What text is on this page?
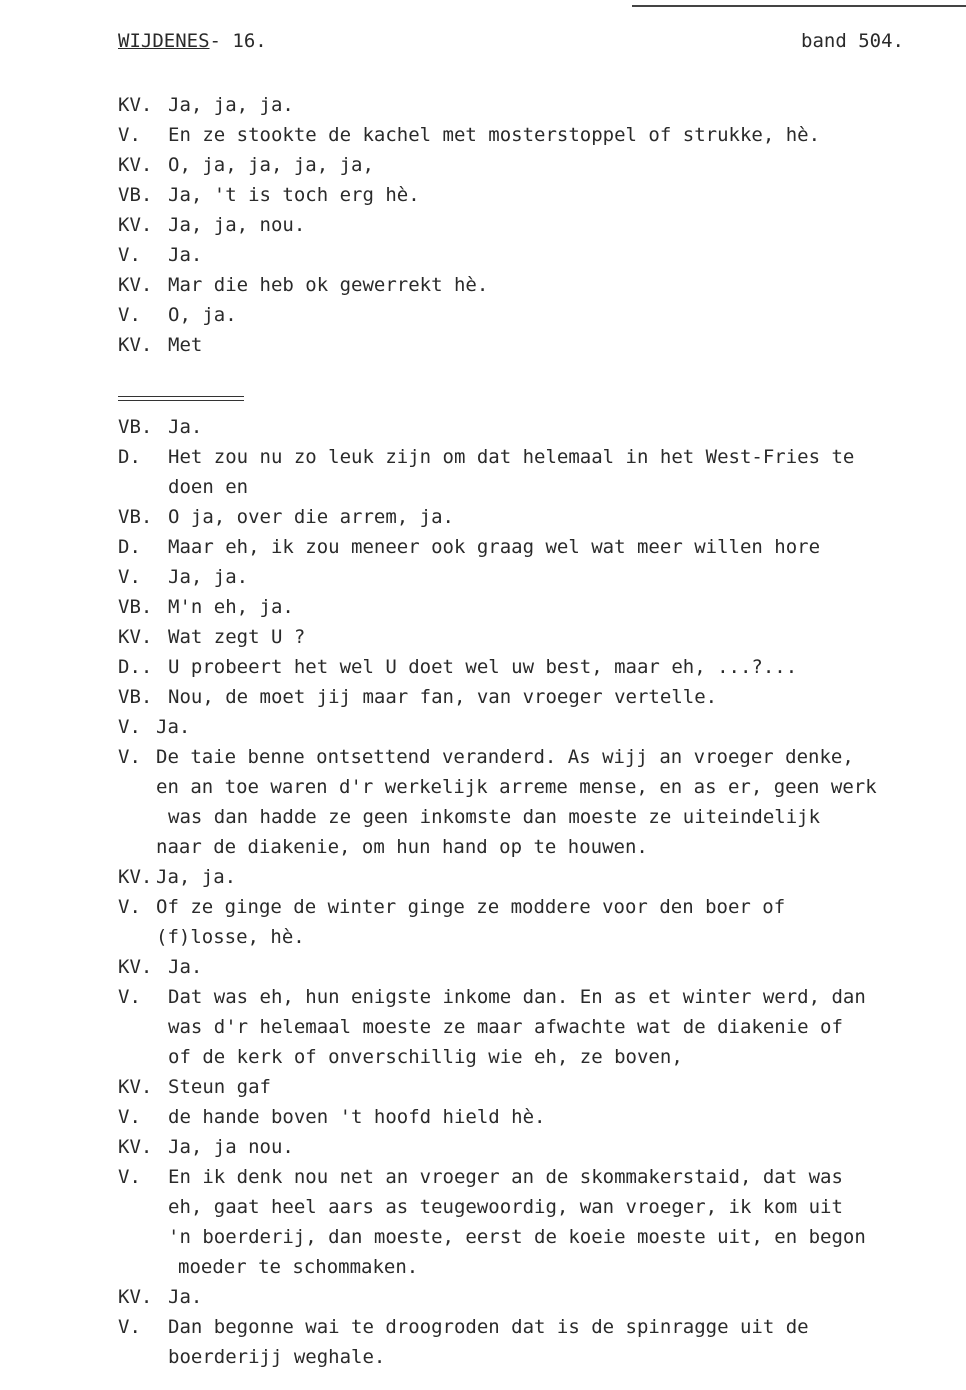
WIJDENES- 16.	band 504.
KV. Ja, ja, ja.
V. En ze stookte de kachel met mosterstoppel of strukke, hè.
KV. O, ja, ja, ja, ja,
VB. Ja, 't is toch erg hè.
KV. Ja, ja, nou.
V. Ja.
KV. Mar die heb ok gewerrekt hè.
V. O, ja.
KV. Met
VB. Ja.
D. Het zou nu zo leuk zijn om dat helemaal in het West-Fries te
doen en
VB. O ja, over die arrem, ja.
D. Maar eh, ik zou meneer ook graag wel wat meer willen hore
V. Ja, ja.
VB. M'n eh, ja.
KV. Wat zegt U ?
D.. U probeert het wel U doet wel uw best, maar eh, ...?...
VB. Nou, de moet jij maar fan, van vroeger vertelle.
V. Ja.
V. De taie benne ontsettend veranderd. As wijj an vroeger denke,
en an toe waren d'r werkelijk arreme mense, en as er, geen werk
was dan hadde ze geen inkomste dan moeste ze uiteindelijk
naar de diakenie, om hun hand op te houwen.
KV. Ja, ja.
V. Of ze ginge de winter ginge ze moddere voor den boer of
(f)losse, hè.
KV. Ja.
V. Dat was eh, hun enigste inkome dan. En as et winter werd, dan
was d'r helemaal moeste ze maar afwachte wat de diakenie of
of de kerk of onverschillig wie eh, ze boven,
KV. Steun gaf
V. de hande boven 't hoofd hield hè.
KV. Ja, ja nou.
V. En ik denk nou net an vroeger an de skommakerstaid, dat was
eh, gaat heel aars as teugewoordig, wan vroeger, ik kom uit
'n boerderij, dan moeste, eerst de koeie moeste uit, en begon
moeder te schommaken.
KV. Ja.
V. Dan begonne wai te droogroden dat is de spinragge uit de
boerderijj weghale.
